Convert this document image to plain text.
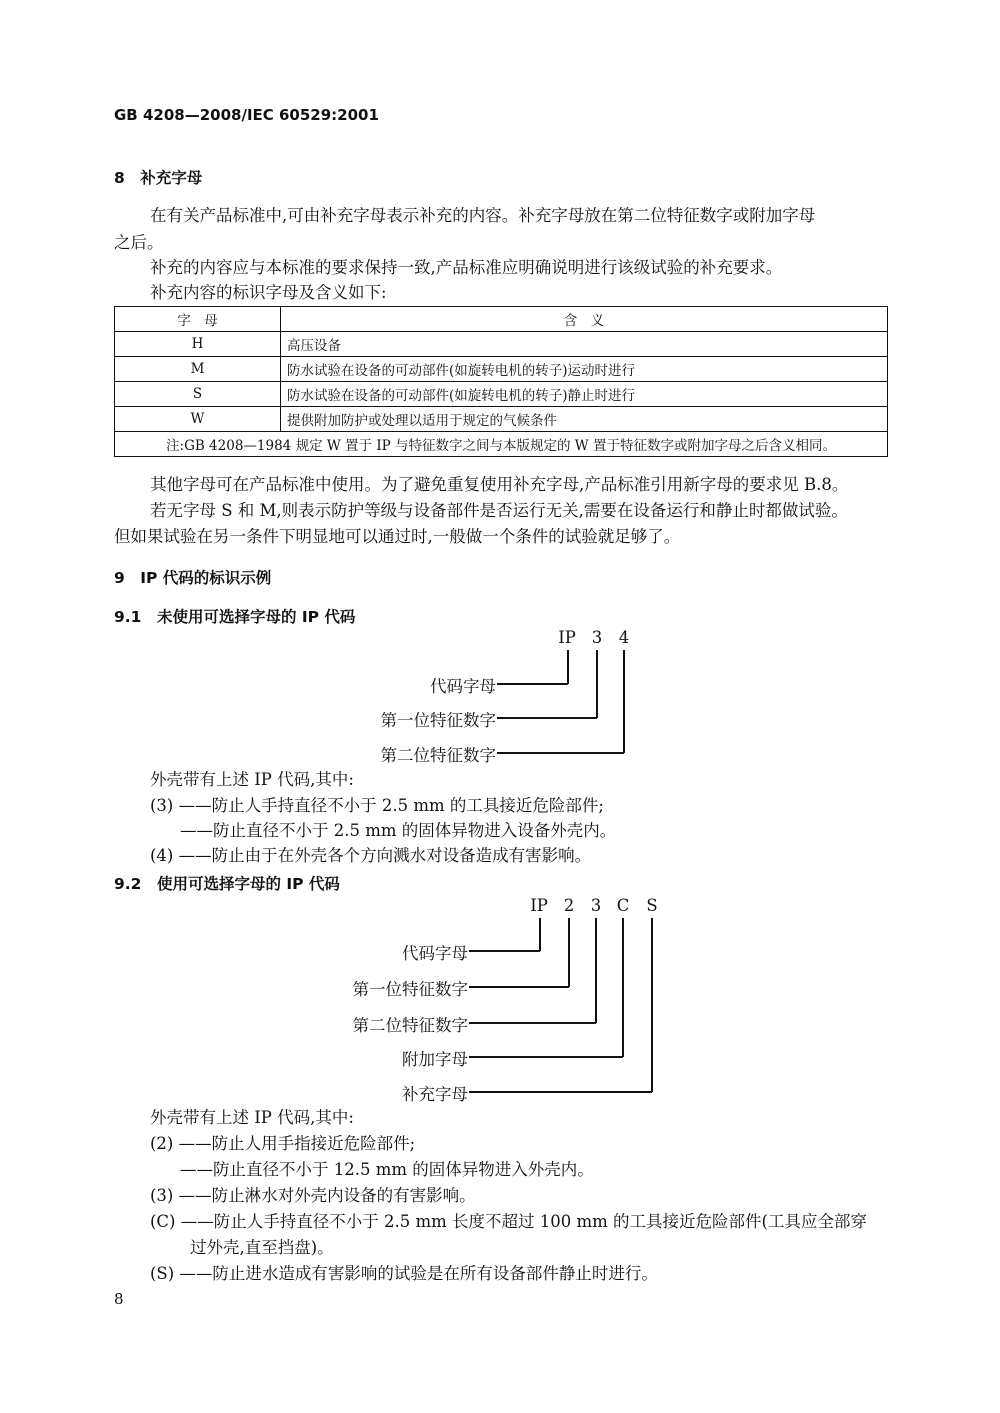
GB 4208—2008/IEC 60529:2001
8　补充字母
在有关产品标准中,可由补充字母表示补充的内容。补充字母放在第二位特征数字或附加字母
之后。
补充的内容应与本标准的要求保持一致,产品标准应明确说明进行该级试验的补充要求。
补充内容的标识字母及含义如下:
字　母	含　义
H	高压设备
M	防水试验在设备的可动部件(如旋转电机的转子)运动时进行
S	防水试验在设备的可动部件(如旋转电机的转子)静止时进行
W	提供附加防护或处理以适用于规定的气候条件
注:GB 4208—1984 规定 W 置于 IP 与特征数字之间与本版规定的 W 置于特征数字或附加字母之后含义相同。	
其他字母可在产品标准中使用。为了避免重复使用补充字母,产品标准引用新字母的要求见 B.8。
若无字母 S 和 M,则表示防护等级与设备部件是否运行无关,需要在设备运行和静止时都做试验。
但如果试验在另一条件下明显地可以通过时,一般做一个条件的试验就足够了。
9　IP 代码的标识示例
9.1　未使用可选择字母的 IP 代码
IP 3	4
代码字母
第一位特征数字
第二位特征数字
外壳带有上述 IP 代码,其中:
(3) ——防止人手持直径不小于 2.5 mm 的工具接近危险部件;
——防止直径不小于 2.5 mm 的固体异物进入设备外壳内。
(4) ——防止由于在外壳各个方向溅水对设备造成有害影响。
9.2　使用可选择字母的 IP 代码
IP 2	3 C	S
代码字母
第一位特征数字
第二位特征数字
附加字母
补充字母
外壳带有上述 IP 代码,其中:
(2) ——防止人用手指接近危险部件;
——防止直径不小于 12.5 mm 的固体异物进入外壳内。
(3) ——防止淋水对外壳内设备的有害影响。
(C) ——防止人手持直径不小于 2.5 mm 长度不超过 100 mm 的工具接近危险部件(工具应全部穿
过外壳,直至挡盘)。
(S) ——防止进水造成有害影响的试验是在所有设备部件静止时进行。
8
